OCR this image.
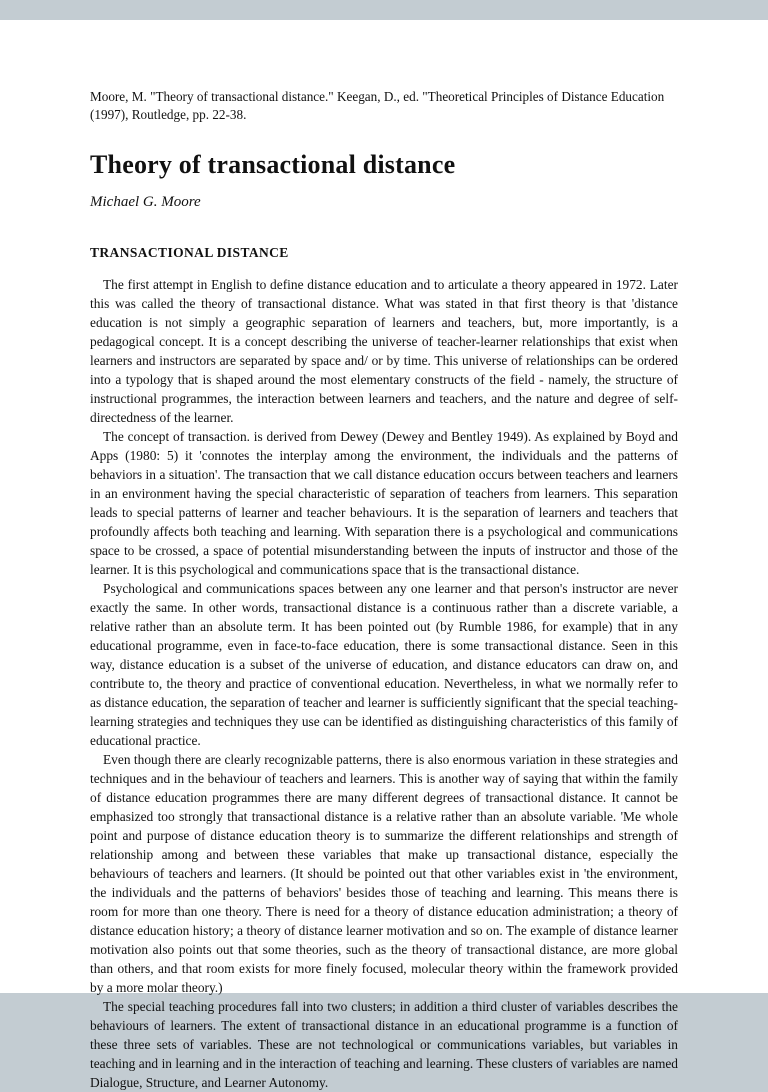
Moore, M. "Theory of transactional distance." Keegan, D., ed. "Theoretical Principles of Distance Education (1997), Routledge, pp. 22-38.

Theory of transactional distance

Michael G. Moore

TRANSACTIONAL DISTANCE

The first attempt in English to define distance education and to articulate a theory appeared in 1972. Later this was called the theory of transactional distance. What was stated in that first theory is that 'distance education is not simply a geographic separation of learners and teachers, but, more importantly, is a pedagogical concept. It is a concept describing the universe of teacher-learner relationships that exist when learners and instructors are separated by space and/ or by time. This universe of relationships can be ordered into a typology that is shaped around the most elementary constructs of the field - namely, the structure of instructional programmes, the interaction between learners and teachers, and the nature and degree of self-directedness of the learner.

The concept of transaction. is derived from Dewey (Dewey and Bentley 1949). As explained by Boyd and Apps (1980: 5) it 'connotes the interplay among the environment, the individuals and the patterns of behaviors in a situation'. The transaction that we call distance education occurs between teachers and learners in an environment having the special characteristic of separation of teachers from learners. This separation leads to special patterns of learner and teacher behaviours. It is the separation of learners and teachers that profoundly affects both teaching and learning. With separation there is a psychological and communications space to be crossed, a space of potential misunderstanding between the inputs of instructor and those of the learner. It is this psychological and communications space that is the transactional distance.

Psychological and communications spaces between any one learner and that person's instructor are never exactly the same. In other words, transactional distance is a continuous rather than a discrete variable, a relative rather than an absolute term. It has been pointed out (by Rumble 1986, for example) that in any educational programme, even in face-to-face education, there is some transactional distance. Seen in this way, distance education is a subset of the universe of education, and distance educators can draw on, and contribute to, the theory and practice of conventional education. Nevertheless, in what we normally refer to as distance education, the separation of teacher and learner is sufficiently significant that the special teaching-learning strategies and techniques they use can be identified as distinguishing characteristics of this family of educational practice.

Even though there are clearly recognizable patterns, there is also enormous variation in these strategies and techniques and in the behaviour of teachers and learners. This is another way of saying that within the family of distance education programmes there are many different degrees of transactional distance. It cannot be emphasized too strongly that transactional distance is a relative rather than an absolute variable. 'Me whole point and purpose of distance education theory is to summarize the different relationships and strength of relationship among and between these variables that make up transactional distance, especially the behaviours of teachers and learners. (It should be pointed out that other variables exist in 'the environment, the individuals and the patterns of behaviors' besides those of teaching and learning. This means there is room for more than one theory. There is need for a theory of distance education administration; a theory of distance education history; a theory of distance learner motivation and so on. The example of distance learner motivation also points out that some theories, such as the theory of transactional distance, are more global than others, and that room exists for more finely focused, molecular theory within the framework provided by a more molar theory.)

The special teaching procedures fall into two clusters; in addition a third cluster of variables describes the behaviours of learners. The extent of transactional distance in an educational programme is a function of these three sets of variables. These are not technological or communications variables, but variables in teaching and in learning and in the interaction of teaching and learning. These clusters of variables are named Dialogue, Structure, and Learner Autonomy.
